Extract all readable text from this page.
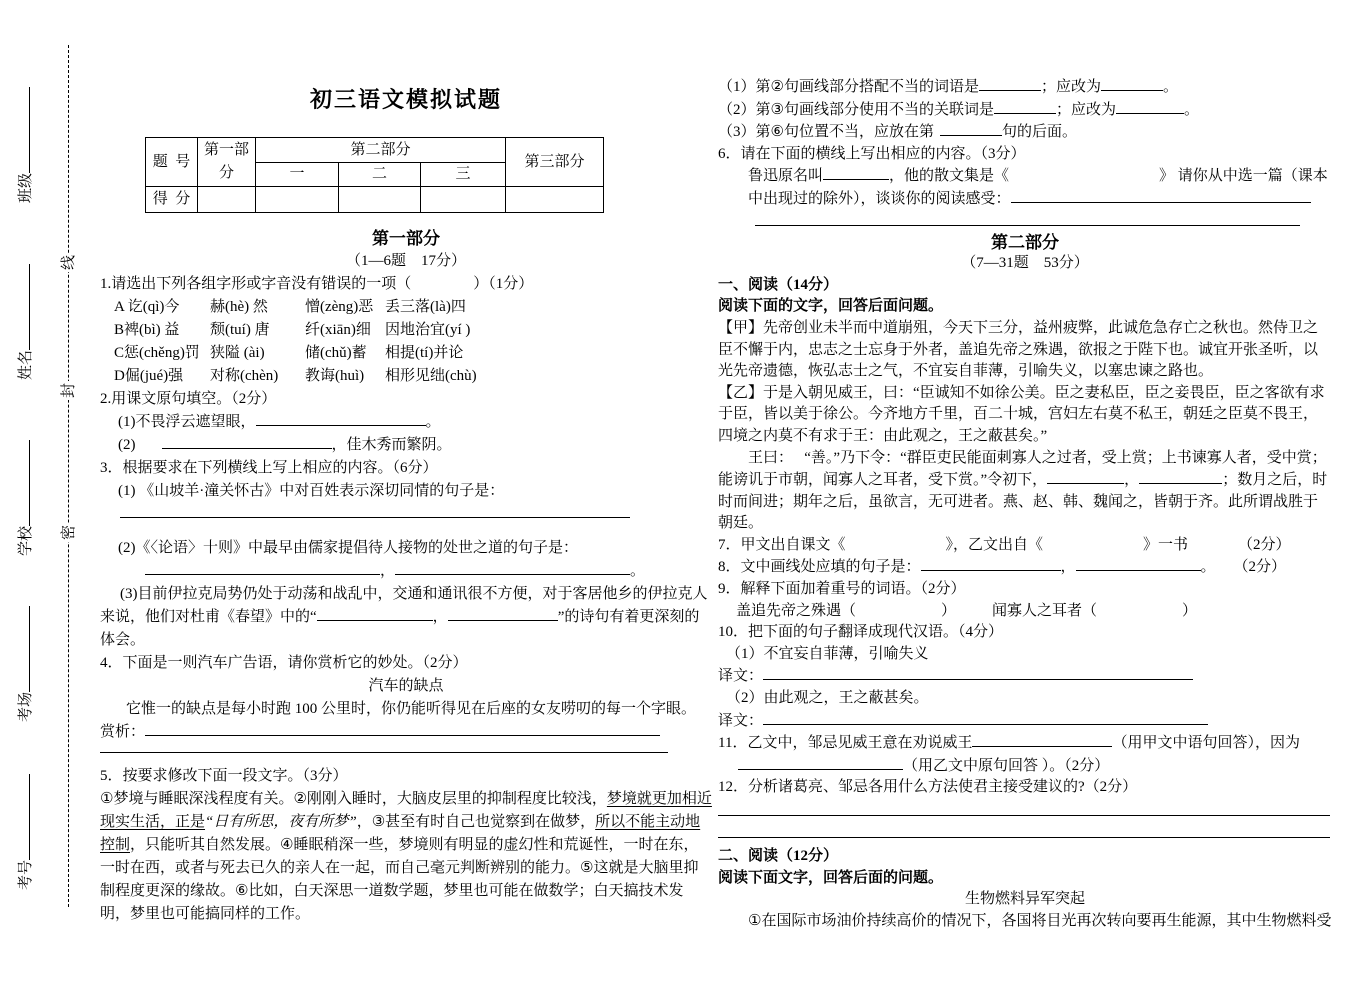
班级
姓名
学校
考场
考号
线
封
密

初三语文模拟试题

题  号	第一部分	第二部分			第三部分
		一	二	三	
得  分					

第一部分

（1—6题    17分）

1.请选出下列各组字形或字音没有错误的一项（	）（1分）

A 讫(qì)今	赫(hè) 然	憎(zèng)恶 丢三落(là)四
B裨(bì) 益	颓(tuí) 唐	纤(xiān)细 因地治宜(yí )
C惩(chěng)罚 狭隘 (ài)	储(chǔ)蓄	相提(tí)并论
D倔(jué)强	对称(chèn)	教诲(huì)	相形见绌(chù)

2.用课文原句填空。（2分）

(1)不畏浮云遮望眼，	。

(2)	，佳木秀而繁阴。

3．根据要求在下列横线上写上相应的内容。（6分）

(1) 《山坡羊·潼关怀古》中对百姓表示深切同情的句子是：

(2)《〈论语〉十则》中最早由儒家提倡待人接物的处世之道的句子是：

，	。

(3)目前伊拉克局势仍处于动荡和战乱中，交通和通讯很不方便，对于客居他乡的伊拉克人来说，他们对杜甫《春望》中的“	，	”的诗句有着更深刻的体会。

4．下面是一则汽车广告语，请你赏析它的妙处。（2分）

汽车的缺点

它惟一的缺点是每小时跑 100 公里时，你仍能听得见在后座的女友唠叨的每一个字眼。

赏析：

5．按要求修改下面一段文字。（3分）

①梦境与睡眠深浅程度有关。②刚刚入睡时，大脑皮层里的抑制程度比较浅，梦境就更加相近现实生活，正是“日有所思，夜有所梦”，③甚至有时自己也觉察到在做梦，所以不能主动地控制，只能听其自然发展。④睡眠稍深一些，梦境则有明显的虚幻性和荒诞性，一时在东，一时在西，或者与死去已久的亲人在一起，而自己毫元判断辨别的能力。⑤这就是大脑里抑制程度更深的缘故。⑥比如，白天深思一道数学题，梦里也可能在做数学；白天搞技术发明，梦里也可能搞同样的工作。

（1）第②句画线部分搭配不当的词语是	；应改为	。

（2）第③句画线部分使用不当的关联词是	；应改为	。

（3）第⑥句位置不当，应放在第	句的后面。

6．请在下面的横线上写出相应的内容。（3分）

鲁迅原名叫	，他的散文集是《	》 请你从中选一篇（课本

中出现过的除外），谈谈你的阅读感受：

第二部分

（7—31题    53分）

一、阅读（14分）

阅读下面的文字，回答后面问题。

【甲】先帝创业未半而中道崩殂，今天下三分，益州疲弊，此诚危急存亡之秋也。然侍卫之臣不懈于内，忠志之士忘身于外者，盖追先帝之殊遇，欲报之于陛下也。诚宜开张圣听，以光先帝遗德，恢弘志士之气，不宜妄自菲薄，引喻失义，以塞忠谏之路也。

【乙】于是入朝见威王，曰：“臣诚知不如徐公美。臣之妻私臣，臣之妾畏臣，臣之客欲有求于臣，皆以美于徐公。今齐地方千里，百二十城，宫妇左右莫不私王，朝廷之臣莫不畏王，四境之内莫不有求于王：由此观之，王之蔽甚矣。”

王曰：   “善。”乃下令：“群臣吏民能面刺寡人之过者，受上赏；上书谏寡人者，受中赏；能谤讥于市朝，闻寡人之耳者，受下赏。”令初下，	，	；数月之后，时时而间进；期年之后，虽欲言，无可进者。燕、赵、韩、魏闻之，皆朝于齐。此所谓战胜于朝廷。

7．甲文出自课文《	》，乙文出自《	》一书	（2分）

8．文中画线处应填的句子是：	，	。 （2分）

9．解释下面加着重号的词语。（2分）

盖追先帝之殊遇（	） 闻寡人之耳者（	）

10．把下面的句子翻译成现代汉语。（4分）

（1）不宜妄自菲薄，引喻失义

译文：

（2）由此观之，王之蔽甚矣。

译文：

11．乙文中，邹忌见威王意在劝说威王	（用甲文中语句回答），因为

（用乙文中原句回答 ）。（2分）

12．分析诸葛亮、邹忌各用什么方法使君主接受建议的?（2分）

二、阅读（12分）

阅读下面文字，回答后面的问题。

生物燃料异军突起

①在国际市场油价持续高价的情况下，各国将目光再次转向要再生能源，其中生物燃料受
